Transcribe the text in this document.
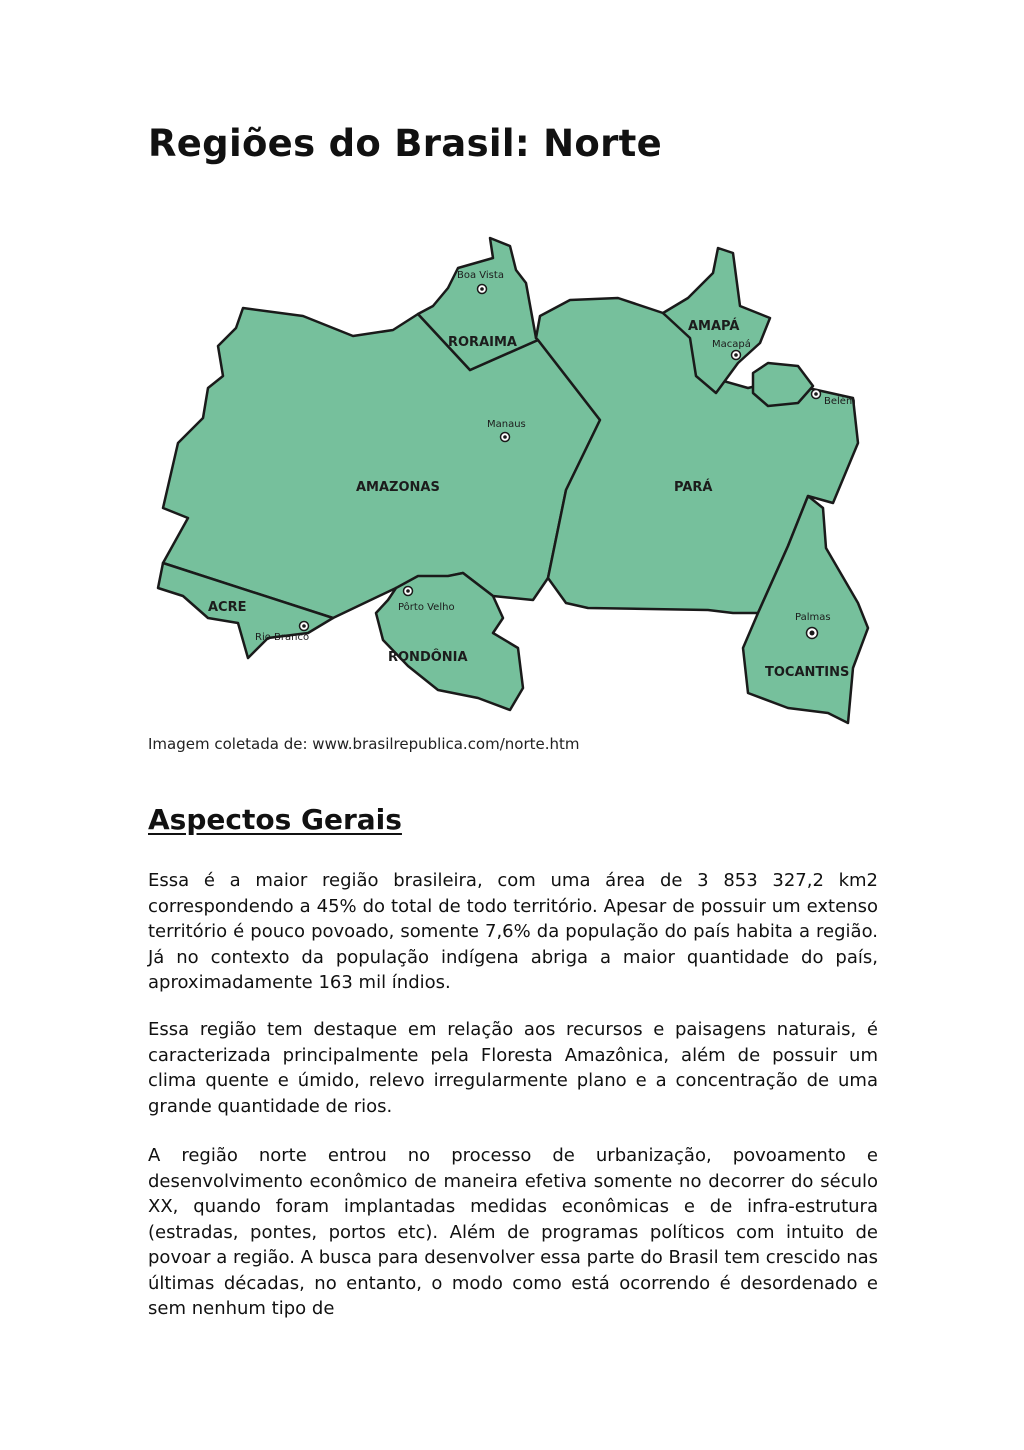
Regiões do Brasil: Norte
RORAIMA
AMAPÁ
AMAZONAS	PARÁ
ACRE
RONDÔNIA
TOCANTINS
Boa Vista
Macapá
Belém
Manaus
Pôrto Velho
Rio Branco
Palmas

Imagem coletada de: www.brasilrepublica.com/norte.htm

Aspectos Gerais

Essa é a maior região brasileira, com uma área de 3 853 327,2 km2 correspondendo a 45% do total de todo território. Apesar de possuir um extenso território é pouco povoado, somente 7,6% da população do país habita a região. Já no contexto da população indígena abriga a maior quantidade do país, aproximadamente 163 mil índios.

Essa região tem destaque em relação aos recursos e paisagens naturais, é caracterizada principalmente pela Floresta Amazônica, além de possuir um clima quente e úmido, relevo irregularmente plano e a concentração de uma grande quantidade de rios.

A região norte entrou no processo de urbanização, povoamento e desenvolvimento econômico de maneira efetiva somente no decorrer do século XX, quando foram implantadas medidas econômicas e de infra-estrutura (estradas, pontes, portos etc). Além de programas políticos com intuito de povoar a região. A busca para desenvolver essa parte do Brasil tem crescido nas últimas décadas, no entanto, o modo como está ocorrendo é desordenado e sem nenhum tipo de
